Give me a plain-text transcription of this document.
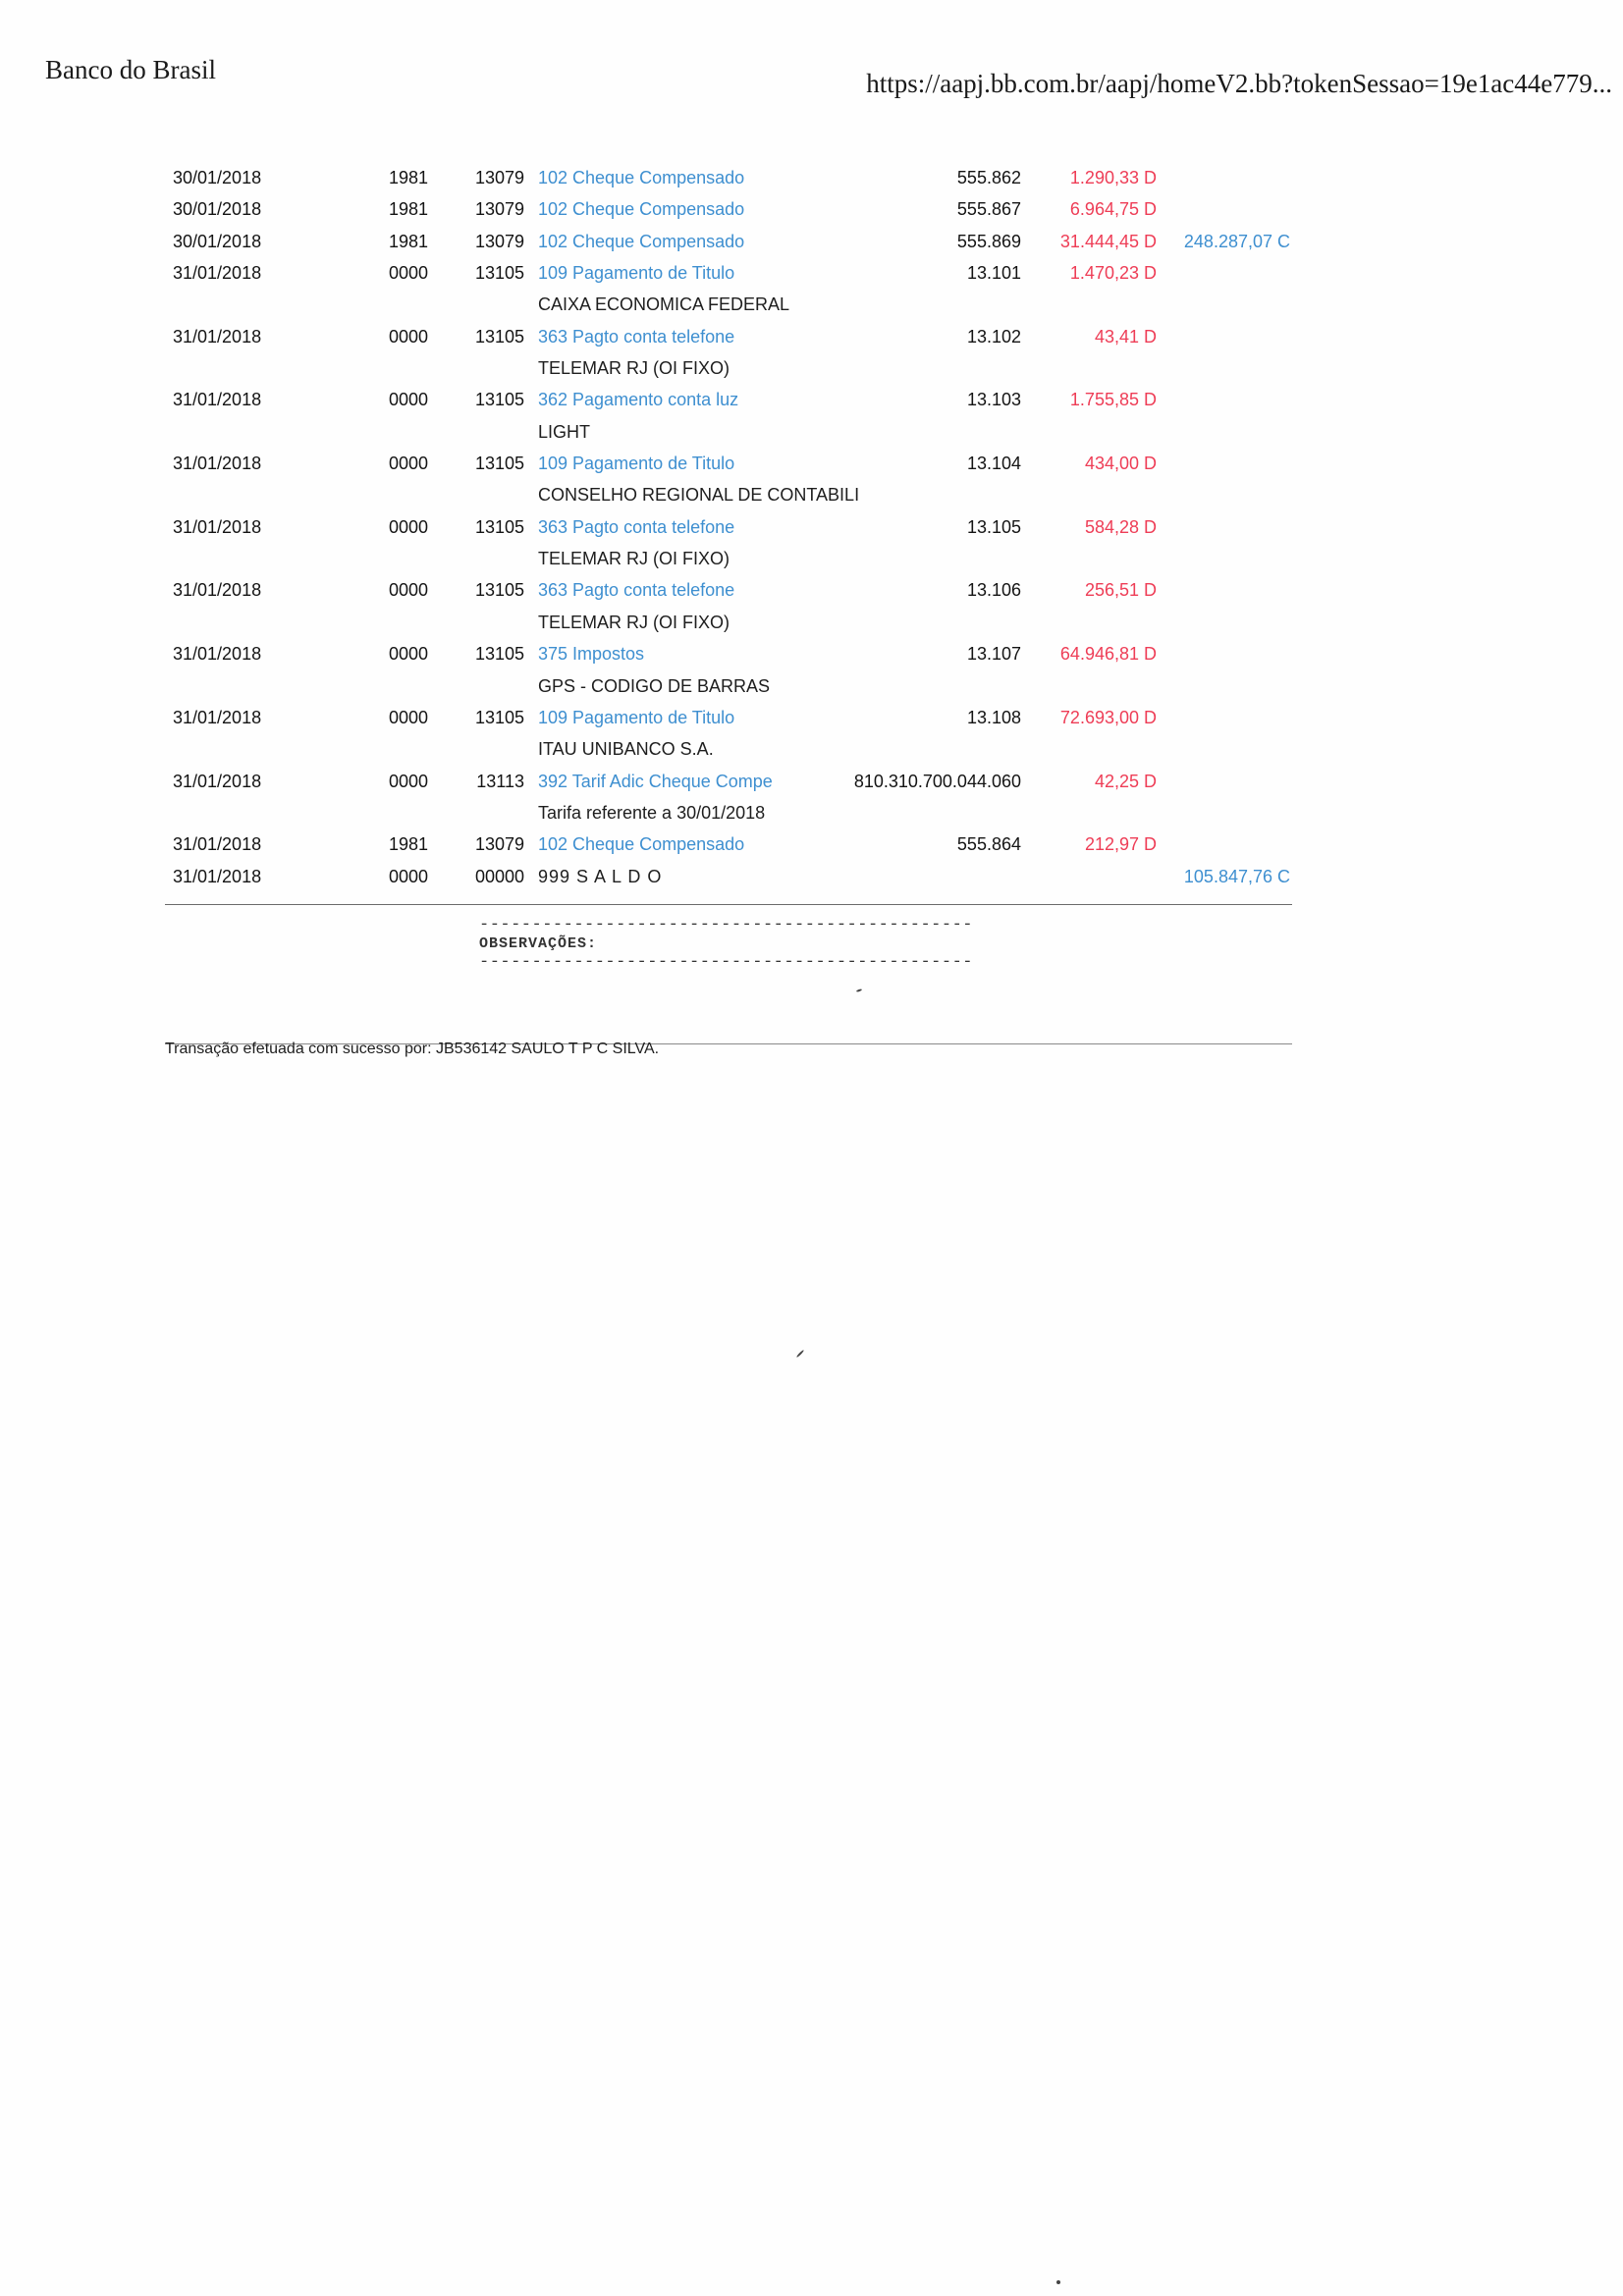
Banco do Brasil	https://aapj.bb.com.br/aapj/homeV2.bb?tokenSessao=19e1ac44e779...
30/01/2018	1981	13079 102 Cheque Compensado	555.862	1.290,33 D
30/01/2018	1981	13079 102 Cheque Compensado	555.867	6.964,75 D
30/01/2018	1981	13079 102 Cheque Compensado	555.869	31.444,45 D	248.287,07 C
31/01/2018	0000	13105 109 Pagamento de Titulo	13.101	1.470,23 D
CAIXA ECONOMICA FEDERAL
31/01/2018	0000	13105 363 Pagto conta telefone	13.102	43,41 D
TELEMAR RJ (OI FIXO)
31/01/2018	0000	13105 362 Pagamento conta luz	13.103	1.755,85 D
LIGHT
31/01/2018	0000	13105 109 Pagamento de Titulo	13.104	434,00 D
CONSELHO REGIONAL DE CONTABILI
31/01/2018	0000	13105 363 Pagto conta telefone	13.105	584,28 D
TELEMAR RJ (OI FIXO)
31/01/2018	0000	13105 363 Pagto conta telefone	13.106	256,51 D
TELEMAR RJ (OI FIXO)
31/01/2018	0000	13105 375 Impostos	13.107	64.946,81 D
GPS - CODIGO DE BARRAS
31/01/2018	0000	13105 109 Pagamento de Titulo	13.108	72.693,00 D
ITAU UNIBANCO S.A.
31/01/2018	0000	13113 392 Tarif Adic Cheque Compe	810.310.700.044.060	42,25 D
Tarifa referente a 30/01/2018
31/01/2018	1981	13079 102 Cheque Compensado	555.864	212,97 D
31/01/2018	0000	00000 999 S A L D O	105.847,76 C
-----------------------------------------------
OBSERVAÇÕES:
-----------------------------------------------
Transação efetuada com sucesso por: JB536142 SAULO T P C SILVA.
